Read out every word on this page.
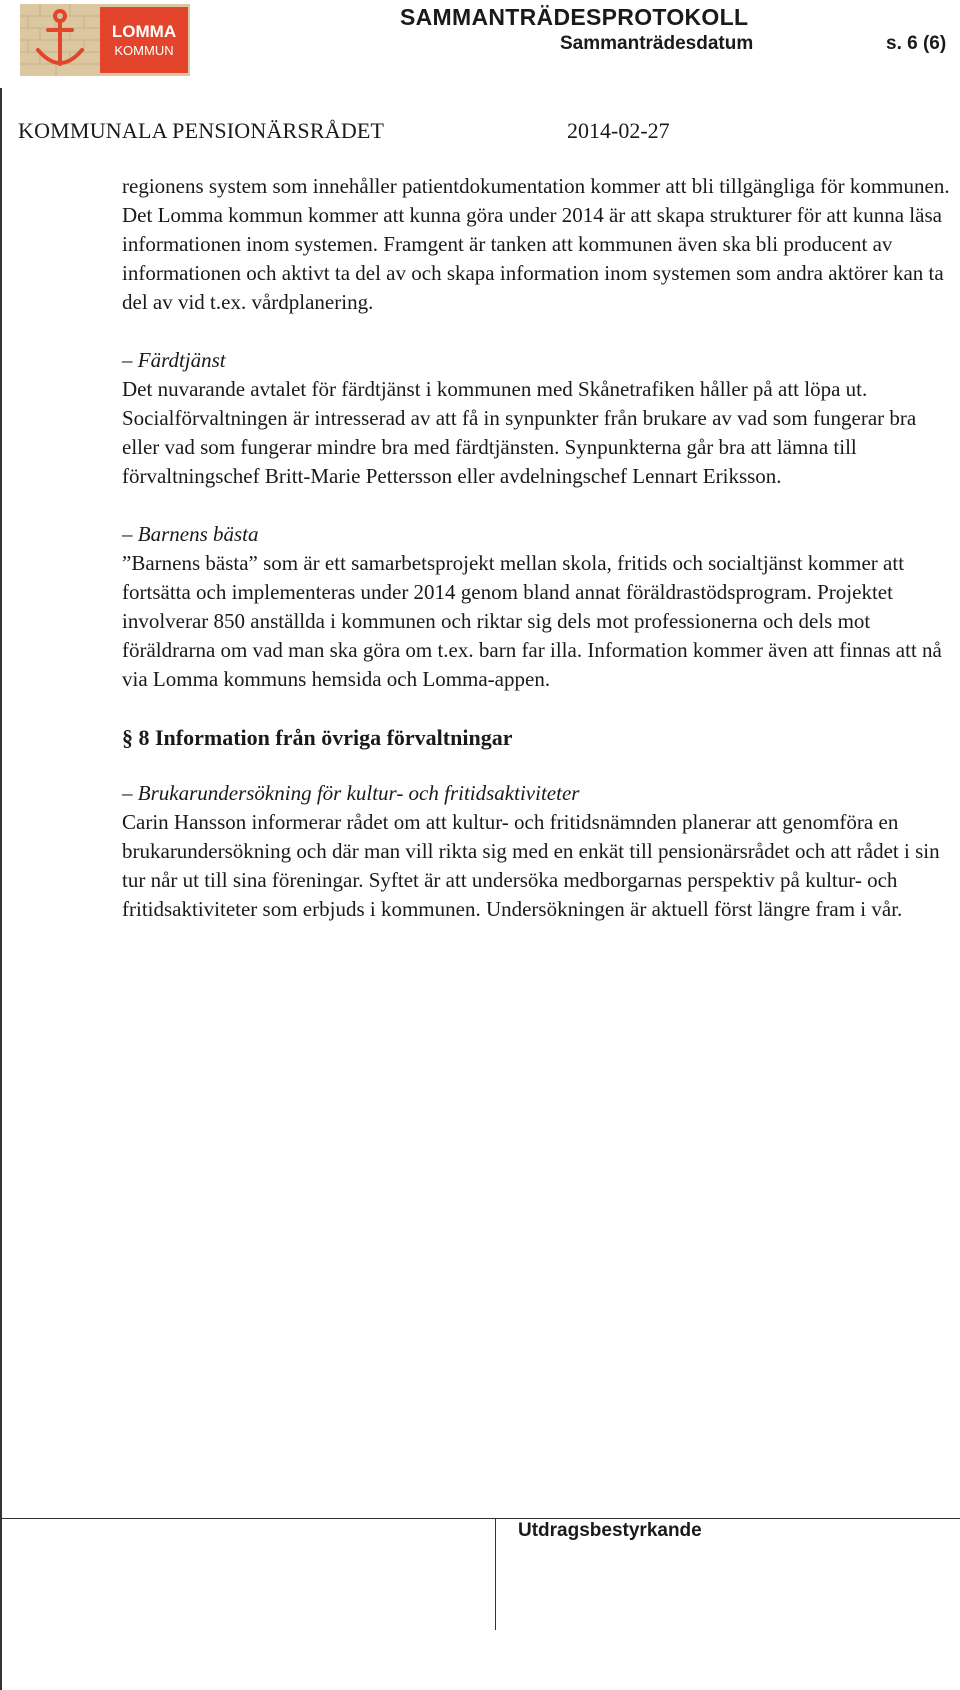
LOMMA
KOMMUN
SAMMANTRÄDESPROTOKOLL
Sammanträdesdatum	s. 6 (6)
KOMMUNALA PENSIONÄRSRÅDET	2014-02-27

regionens system som innehåller patientdokumentation kommer att bli tillgängliga för kommunen. Det Lomma kommun kommer att kunna göra under 2014 är att skapa strukturer för att kunna läsa informationen inom systemen. Framgent är tanken att kommunen även ska bli producent av informationen och aktivt ta del av och skapa information inom systemen som andra aktörer kan ta del av vid t.ex. vårdplanering.

– Färdtjänst

Det nuvarande avtalet för färdtjänst i kommunen med Skånetrafiken håller på att löpa ut. Socialförvaltningen är intresserad av att få in synpunkter från brukare av vad som fungerar bra eller vad som fungerar mindre bra med färdtjänsten. Synpunkterna går bra att lämna till förvaltningschef Britt-Marie Pettersson eller avdelningschef Lennart Eriksson.

– Barnens bästa

”Barnens bästa” som är ett samarbetsprojekt mellan skola, fritids och socialtjänst kommer att fortsätta och implementeras under 2014 genom bland annat föräldrastödsprogram. Projektet involverar 850 anställda i kommunen och riktar sig dels mot professionerna och dels mot föräldrarna om vad man ska göra om t.ex. barn far illa. Information kommer även att finnas att nå via Lomma kommuns hemsida och Lomma-appen.

§ 8 Information från övriga förvaltningar

– Brukarundersökning för kultur- och fritidsaktiviteter

Carin Hansson informerar rådet om att kultur- och fritidsnämnden planerar att genomföra en brukarundersökning och där man vill rikta sig med en enkät till pensionärsrådet och att rådet i sin tur når ut till sina föreningar. Syftet är att undersöka medborgarnas perspektiv på kultur- och fritidsaktiviteter som erbjuds i kommunen. Undersökningen är aktuell först längre fram i vår.

Utdragsbestyrkande
